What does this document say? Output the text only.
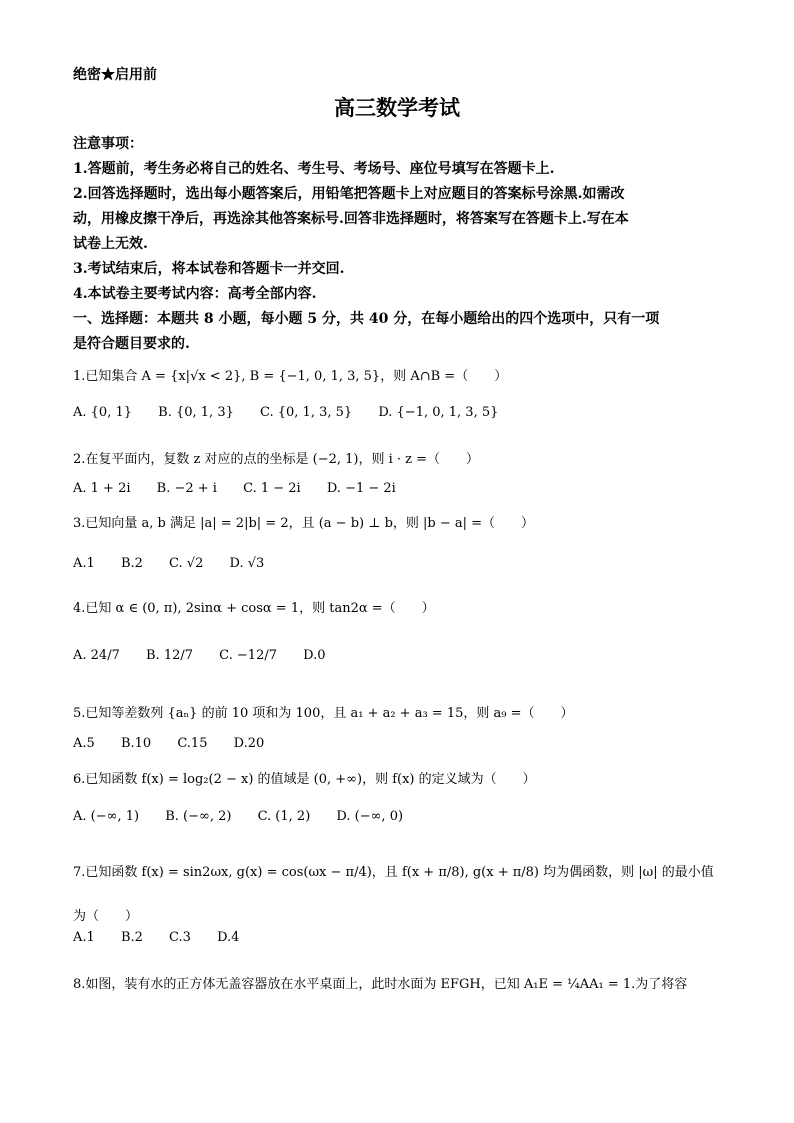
绝密★启用前
高三数学考试
注意事项：
1.答题前，考生务必将自己的姓名、考生号、考场号、座位号填写在答题卡上.
2.回答选择题时，选出每小题答案后，用铅笔把答题卡上对应题目的答案标号涂黑.如需改
动，用橡皮擦干净后，再选涂其他答案标号.回答非选择题时，将答案写在答题卡上.写在本
试卷上无效.
3.考试结束后，将本试卷和答题卡一并交回.
4.本试卷主要考试内容：高考全部内容.
一、选择题：本题共 8 小题，每小题 5 分，共 40 分，在每小题给出的四个选项中，只有一项
是符合题目要求的.
1.已知集合 A = {x|√x < 2}, B = {−1, 0, 1, 3, 5}，则 A∩B =（　　）
A. {0, 1} B. {0, 1, 3} C. {0, 1, 3, 5} D. {−1, 0, 1, 3, 5}
2.在复平面内，复数 z 对应的点的坐标是 (−2, 1)，则 i · z =（　　）
A. 1 + 2i B. −2 + i C. 1 − 2i D. −1 − 2i
3.已知向量 a, b 满足 |a| = 2|b| = 2，且 (a − b) ⊥ b，则 |b − a| =（　　）
A.1 B.2 C. √2 D. √3
4.已知 α ∈ (0, π), 2sinα + cosα = 1，则 tan2α =（　　）
A. 24/7 B. 12/7 C. −12/7 D.0
5.已知等差数列 {aₙ} 的前 10 项和为 100，且 a₁ + a₂ + a₃ = 15，则 a₉ =（　　）
A.5 B.10 C.15 D.20
6.已知函数 f(x) = log₂(2 − x) 的值域是 (0, +∞)，则 f(x) 的定义域为（　　）
A. (−∞, 1) B. (−∞, 2) C. (1, 2) D. (−∞, 0)
7.已知函数 f(x) = sin2ωx, g(x) = cos(ωx − π/4)，且 f(x + π/8), g(x + π/8) 均为偶函数，则 |ω| 的最小值
为（　　）
A.1 B.2 C.3 D.4
8.如图，装有水的正方体无盖容器放在水平桌面上，此时水面为 EFGH，已知 A₁E = ¼AA₁ = 1.为了将容
